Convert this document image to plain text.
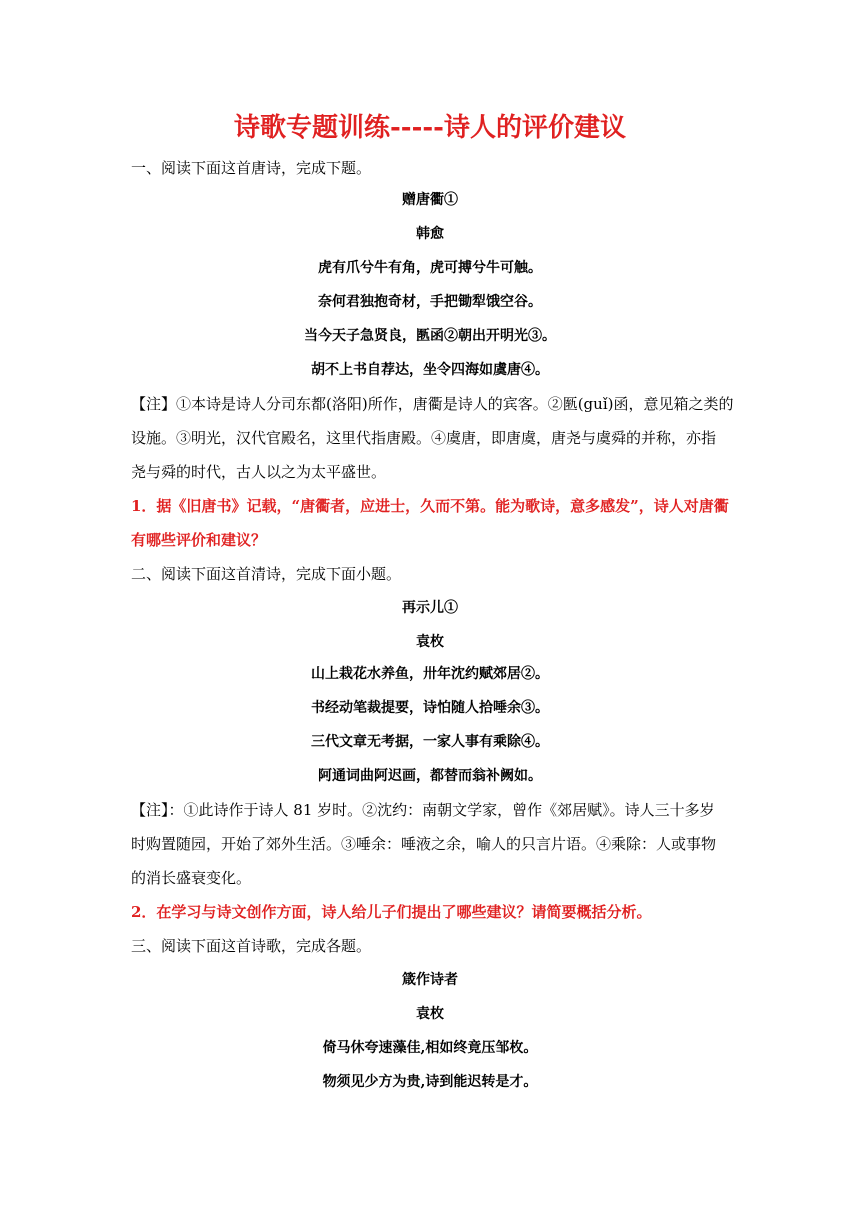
诗歌专题训练-----诗人的评价建议
一、阅读下面这首唐诗，完成下题。
赠唐衢①
韩愈
虎有爪兮牛有角，虎可搏兮牛可触。
奈何君独抱奇材，手把锄犁饿空谷。
当今天子急贤良，匦函②朝出开明光③。
胡不上书自荐达，坐令四海如虞唐④。
【注】①本诗是诗人分司东都(洛阳)所作，唐衢是诗人的宾客。②匦(guǐ)函，意见箱之类的
设施。③明光，汉代官殿名，这里代指唐殿。④虞唐，即唐虞，唐尧与虞舜的并称，亦指
尧与舜的时代，古人以之为太平盛世。
1．据《旧唐书》记载，“唐衢者，应进士，久而不第。能为歌诗，意多感发”，诗人对唐衢
有哪些评价和建议？
二、阅读下面这首清诗，完成下面小题。
再示儿①
袁枚
山上栽花水养鱼，卅年沈约赋郊居②。
书经动笔裁提要，诗怕随人拾唾余③。
三代文章无考据，一家人事有乘除④。
阿通词曲阿迟画，都替而翁补阙如。
【注】：①此诗作于诗人 81 岁时。②沈约：南朝文学家，曾作《郊居赋》。诗人三十多岁
时购置随园，开始了郊外生活。③唾余：唾液之余，喻人的只言片语。④乘除：人或事物
的消长盛衰变化。
2．在学习与诗文创作方面，诗人给儿子们提出了哪些建议？请简要概括分析。
三、阅读下面这首诗歌，完成各题。
箴作诗者
袁枚
倚马休夸速藻佳,相如终竟压邹枚。
物须见少方为贵,诗到能迟转是才。
